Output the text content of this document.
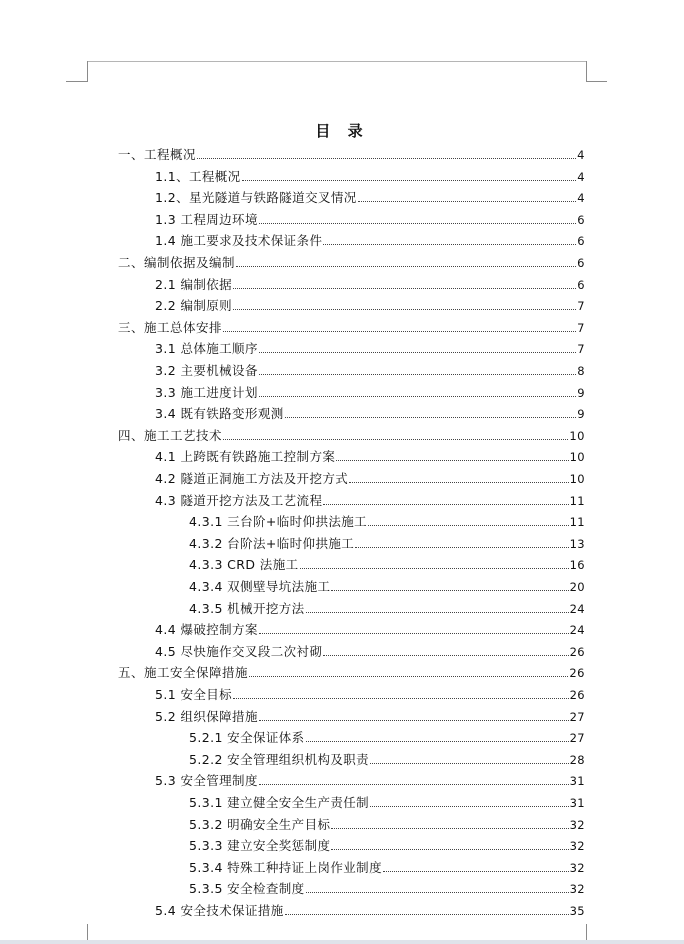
目 录
一、工程概况	4
1.1、工程概况	4
1.2、星光隧道与铁路隧道交叉情况	4
1.3 工程周边环境	6
1.4 施工要求及技术保证条件	6
二、编制依据及编制	6
2.1 编制依据	6
2.2 编制原则	7
三、施工总体安排	7
3.1 总体施工顺序	7
3.2 主要机械设备	8
3.3 施工进度计划	9
3.4 既有铁路变形观测	9
四、施工工艺技术	10
4.1 上跨既有铁路施工控制方案	10
4.2 隧道正洞施工方法及开挖方式	10
4.3 隧道开挖方法及工艺流程	11
4.3.1 三台阶+临时仰拱法施工	11
4.3.2 台阶法+临时仰拱施工	13
4.3.3 CRD 法施工	16
4.3.4 双侧壁导坑法施工	20
4.3.5 机械开挖方法	24
4.4 爆破控制方案	24
4.5 尽快施作交叉段二次衬砌	26
五、施工安全保障措施	26
5.1 安全目标	26
5.2 组织保障措施	27
5.2.1 安全保证体系	27
5.2.2 安全管理组织机构及职责	28
5.3 安全管理制度	31
5.3.1 建立健全安全生产责任制	31
5.3.2 明确安全生产目标	32
5.3.3 建立安全奖惩制度	32
5.3.4 特殊工种持证上岗作业制度	32
5.3.5 安全检查制度	32
5.4 安全技术保证措施	35
